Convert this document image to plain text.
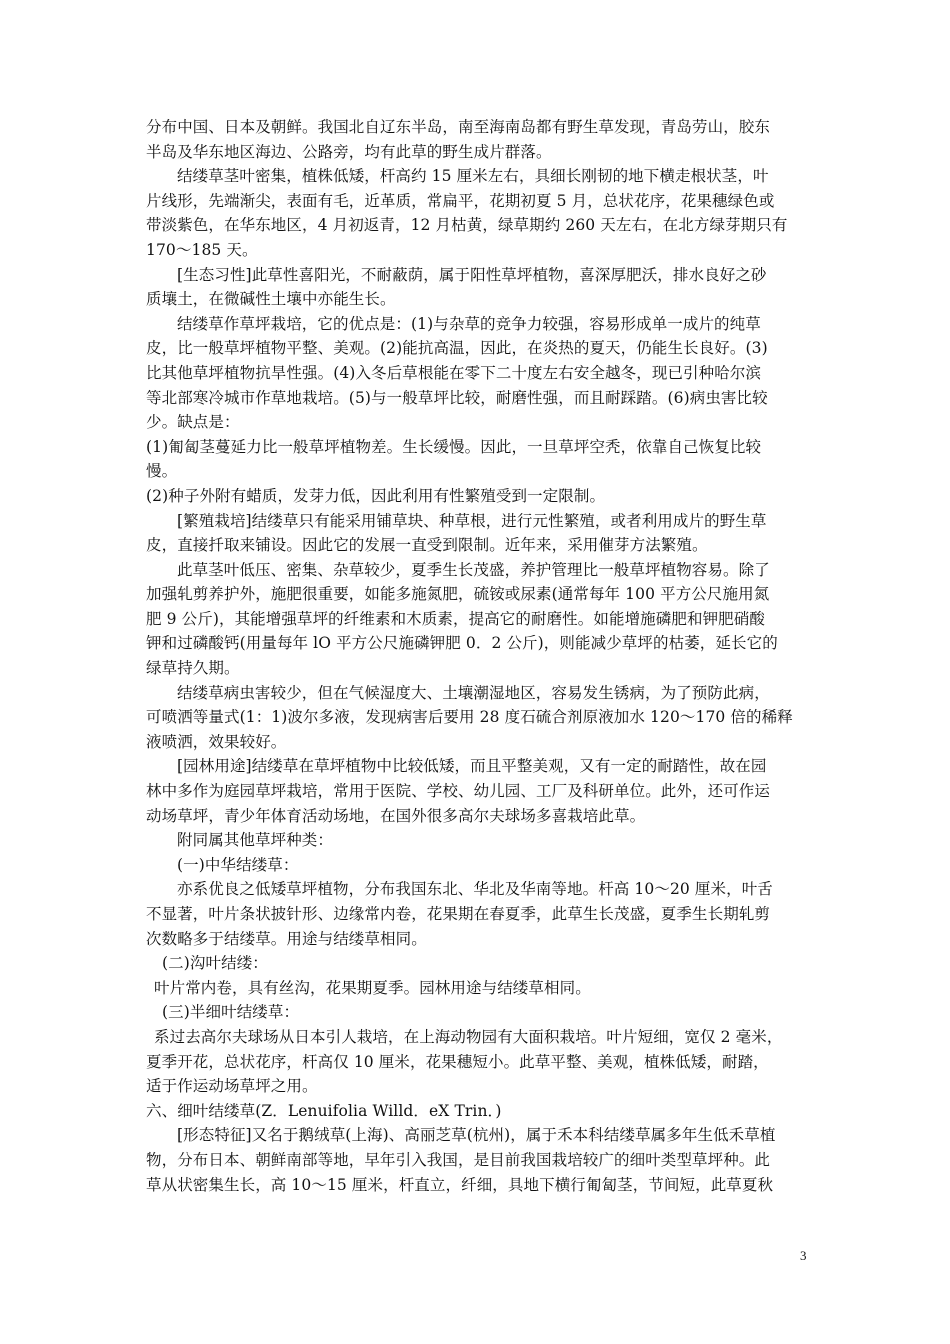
分布中国、日本及朝鲜。我国北自辽东半岛，南至海南岛都有野生草发现，青岛劳山，胶东
半岛及华东地区海边、公路旁，均有此草的野生成片群落。
结缕草茎叶密集，植株低矮，杆高约 15 厘米左右，具细长刚韧的地下横走根状茎，叶
片线形，先端渐尖，表面有毛，近革质，常扁平，花期初夏 5 月，总状花序，花果穗绿色或
带淡紫色，在华东地区，4 月初返青，12 月枯黄，绿草期约 260 天左右，在北方绿芽期只有
170～185 天。
[生态习性]此草性喜阳光，不耐蔽荫，属于阳性草坪植物，喜深厚肥沃，排水良好之砂
质壤土，在微碱性土壤中亦能生长。
结缕草作草坪栽培，它的优点是：(1)与杂草的竞争力较强，容易形成单一成片的纯草
皮，比一般草坪植物平整、美观。(2)能抗高温，因此，在炎热的夏天，仍能生长良好。(3)
比其他草坪植物抗旱性强。(4)入冬后草根能在零下二十度左右安全越冬，现已引种哈尔滨
等北部寒冷城市作草地栽培。(5)与一般草坪比较，耐磨性强，而且耐踩踏。(6)病虫害比较
少。缺点是：
(1)匍匐茎蔓延力比一般草坪植物差。生长缓慢。因此，一旦草坪空秃，依靠自己恢复比较
慢。
(2)种子外附有蜡质，发芽力低，因此利用有性繁殖受到一定限制。
[繁殖栽培]结缕草只有能采用铺草块、种草根，进行元性繁殖，或者利用成片的野生草
皮，直接扦取来铺设。因此它的发展一直受到限制。近年来，采用催芽方法繁殖。
此草茎叶低压、密集、杂草较少，夏季生长茂盛，养护管理比一般草坪植物容易。除了
加强轧剪养护外，施肥很重要，如能多施氮肥，硫铵或尿素(通常每年 100 平方公尺施用氮
肥 9 公斤)，其能增强草坪的纤维素和木质素，提高它的耐磨性。如能增施磷肥和钾肥硝酸
钾和过磷酸钙(用量每年 lO 平方公尺施磷钾肥 0．2 公斤)，则能减少草坪的枯萎，延长它的
绿草持久期。
结缕草病虫害较少，但在气候湿度大、土壤潮湿地区，容易发生锈病，为了预防此病，
可喷洒等量式(1：1)波尔多液，发现病害后要用 28 度石硫合剂原液加水 120～170 倍的稀释
液喷洒，效果较好。
[园林用途]结缕草在草坪植物中比较低矮，而且平整美观，又有一定的耐踏性，故在园
林中多作为庭园草坪栽培，常用于医院、学校、幼儿园、工厂及科研单位。此外，还可作运
动场草坪，青少年体育活动场地，在国外很多高尔夫球场多喜栽培此草。
附同属其他草坪种类：
(一)中华结缕草：
亦系优良之低矮草坪植物，分布我国东北、华北及华南等地。杆高 10～20 厘米，叶舌
不显著，叶片条状披针形、边缘常内卷，花果期在春夏季，此草生长茂盛，夏季生长期轧剪
次数略多于结缕草。用途与结缕草相同。
(二)沟叶结缕：
叶片常内卷，具有丝沟，花果期夏季。园林用途与结缕草相同。
(三)半细叶结缕草：
系过去高尔夫球场从日本引人栽培，在上海动物园有大面积栽培。叶片短细，宽仅 2 毫米，
夏季开花，总状花序，杆高仅 10 厘米，花果穗短小。此草平整、美观，植株低矮，耐踏，
适于作运动场草坪之用。
六、细叶结缕草(Z．Lenuifolia Willd．eX Trin．)
[形态特征]又名于鹅绒草(上海)、高丽芝草(杭州)，属于禾本科结缕草属多年生低禾草植
物，分布日本、朝鲜南部等地，早年引入我国，是目前我国栽培较广的细叶类型草坪种。此
草从状密集生长，高 10～15 厘米，杆直立，纤细，具地下横行匍匐茎，节间短，此草夏秋
3
